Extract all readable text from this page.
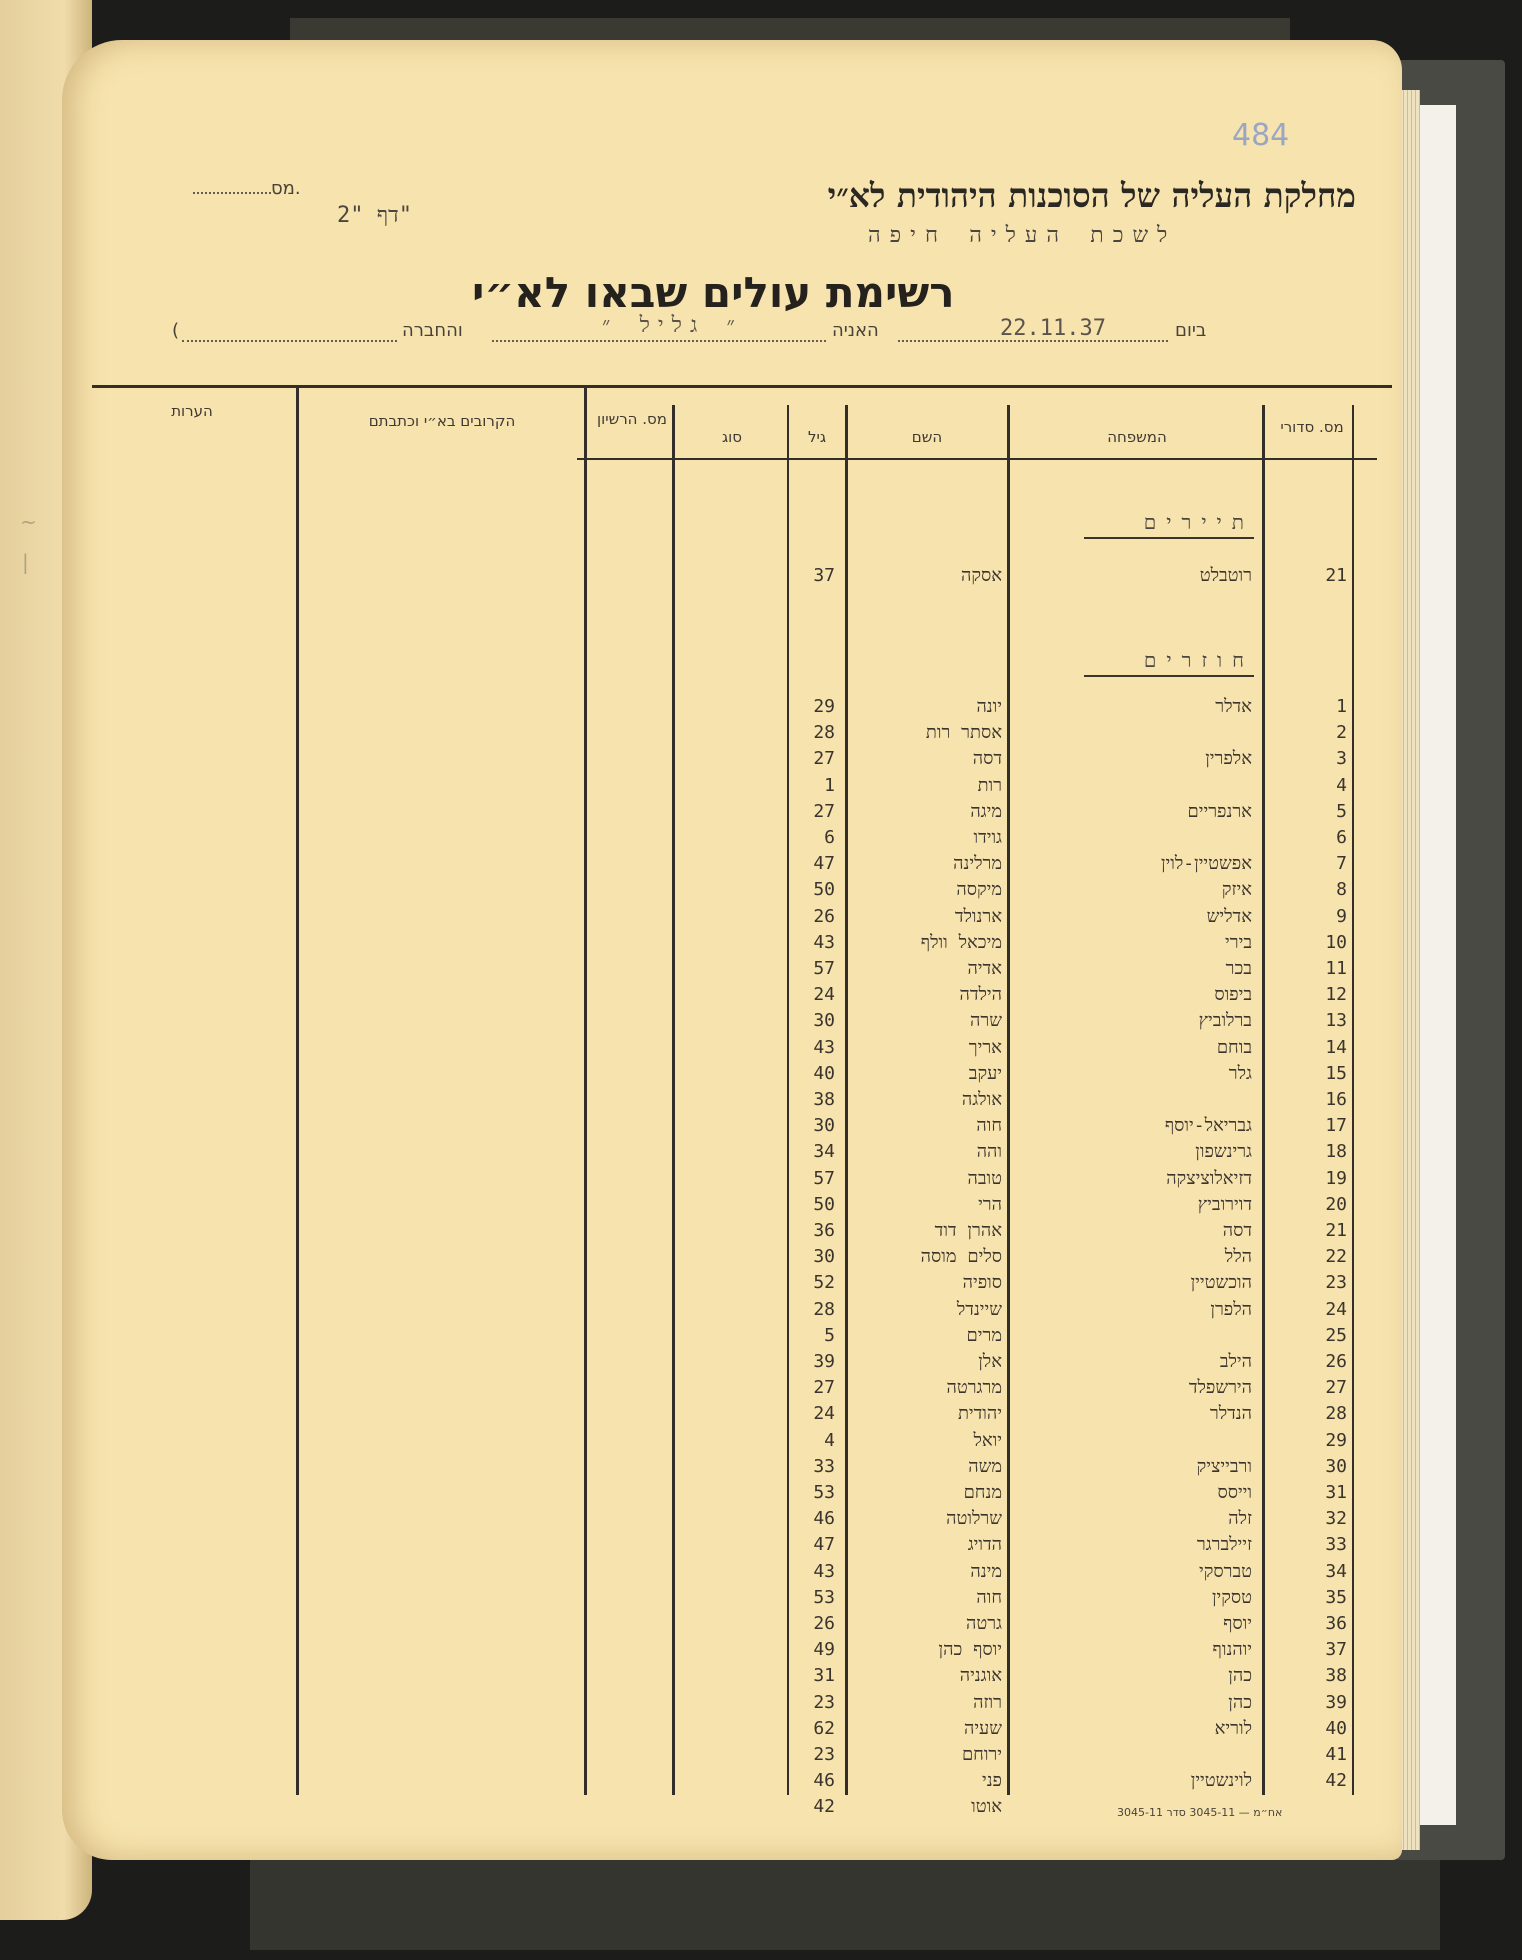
484
מחלקת העליה של הסוכנות היהודית לא״י
מס.
לשכת העליה חיפה
דף "2"
רשימת עולים שבאו לא״י
ביום
22.11.37
האניה
״ גליל ״
והחברה
(
מס. סדורי
המשפחה
השם
גיל
סוג
מס. הרשיון
הקרובים בא״י וכתבתם
הערות
תיירים
21
רוטבלט
אסקה
37
חוזרים
1
אדלר
יונה
29
2
אסתר רות
28
3
אלפרין
דסה
27
4
רות
1
5
ארנפריים
מיגה
27
6
גוידו
6
7
אפשטיין-לוין
מרלינה
47
8
איזק
מיקסה
50
9
אדליש
ארנולד
26
10
בירי
מיכאל וולף
43
11
בכר
אדיה
57
12
ביפוס
הילדה
24
13
ברלוביץ
שרה
30
14
בוחם
אריך
43
15
גלר
יעקב
40
16
אולגה
38
17
גבריאל-יוסף
חוה
30
18
גרינשפון
והה
34
19
דזיאלוציצקה
טובה
57
20
דוירוביץ
הרי
50
21
דסה
אהרן דוד
36
22
הלל
סלים מוסה
30
23
הוכשטיין
סופיה
52
24
הלפרן
שיינדל
28
25
מרים
5
26
הילב
אלן
39
27
הירשפלד
מרגרטה
27
28
הנדלר
יהודית
24
29
יואל
4
30
ורבייציק
משה
33
31
וייסס
מנחם
53
32
זלה
שרלוטה
46
33
זיילברגר
הדויג
47
34
טברסקי
מינה
43
35
טסקין
חוה
53
36
יוסף
גרטה
26
37
יוהנוף
יוסף כהן
49
38
כהן
אוגניה
31
39
כהן
רוזה
23
40
לוריא
שעיה
62
41
ירוחם
23
42
לוינשטיין
פני
46
אוטו
42	3045-11 אח״מ — 3045-11 סדר
~
|
